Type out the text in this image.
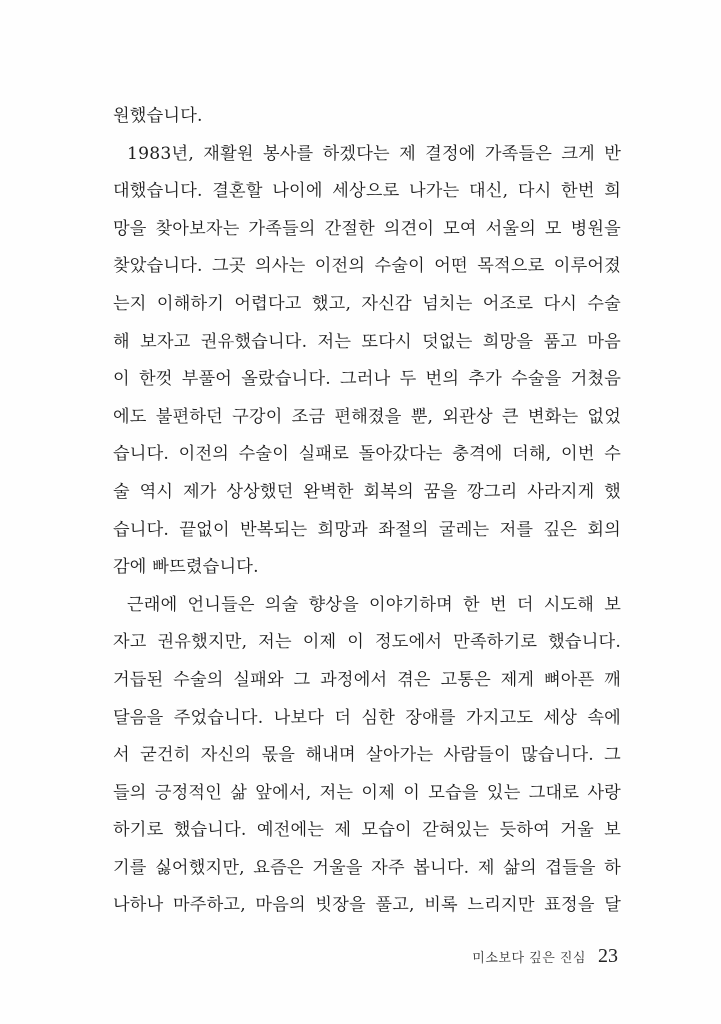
원했습니다.
1983년, 재활원 봉사를 하겠다는 제 결정에 가족들은 크게 반
대했습니다. 결혼할 나이에 세상으로 나가는 대신, 다시 한번 희
망을 찾아보자는 가족들의 간절한 의견이 모여 서울의 모 병원을
찾았습니다. 그곳 의사는 이전의 수술이 어떤 목적으로 이루어졌
는지 이해하기 어렵다고 했고, 자신감 넘치는 어조로 다시 수술
해 보자고 권유했습니다. 저는 또다시 덧없는 희망을 품고 마음
이 한껏 부풀어 올랐습니다. 그러나 두 번의 추가 수술을 거쳤음
에도 불편하던 구강이 조금 편해졌을 뿐, 외관상 큰 변화는 없었
습니다. 이전의 수술이 실패로 돌아갔다는 충격에 더해, 이번 수
술 역시 제가 상상했던 완벽한 회복의 꿈을 깡그리 사라지게 했
습니다. 끝없이 반복되는 희망과 좌절의 굴레는 저를 깊은 회의
감에 빠뜨렸습니다.
근래에 언니들은 의술 향상을 이야기하며 한 번 더 시도해 보
자고 권유했지만, 저는 이제 이 정도에서 만족하기로 했습니다.
거듭된 수술의 실패와 그 과정에서 겪은 고통은 제게 뼈아픈 깨
달음을 주었습니다. 나보다 더 심한 장애를 가지고도 세상 속에
서 굳건히 자신의 몫을 해내며 살아가는 사람들이 많습니다. 그
들의 긍정적인 삶 앞에서, 저는 이제 이 모습을 있는 그대로 사랑
하기로 했습니다. 예전에는 제 모습이 갇혀있는 듯하여 거울 보
기를 싫어했지만, 요즘은 거울을 자주 봅니다. 제 삶의 겹들을 하
나하나 마주하고, 마음의 빗장을 풀고, 비록 느리지만 표정을 달
미소보다 깊은 진심 23
